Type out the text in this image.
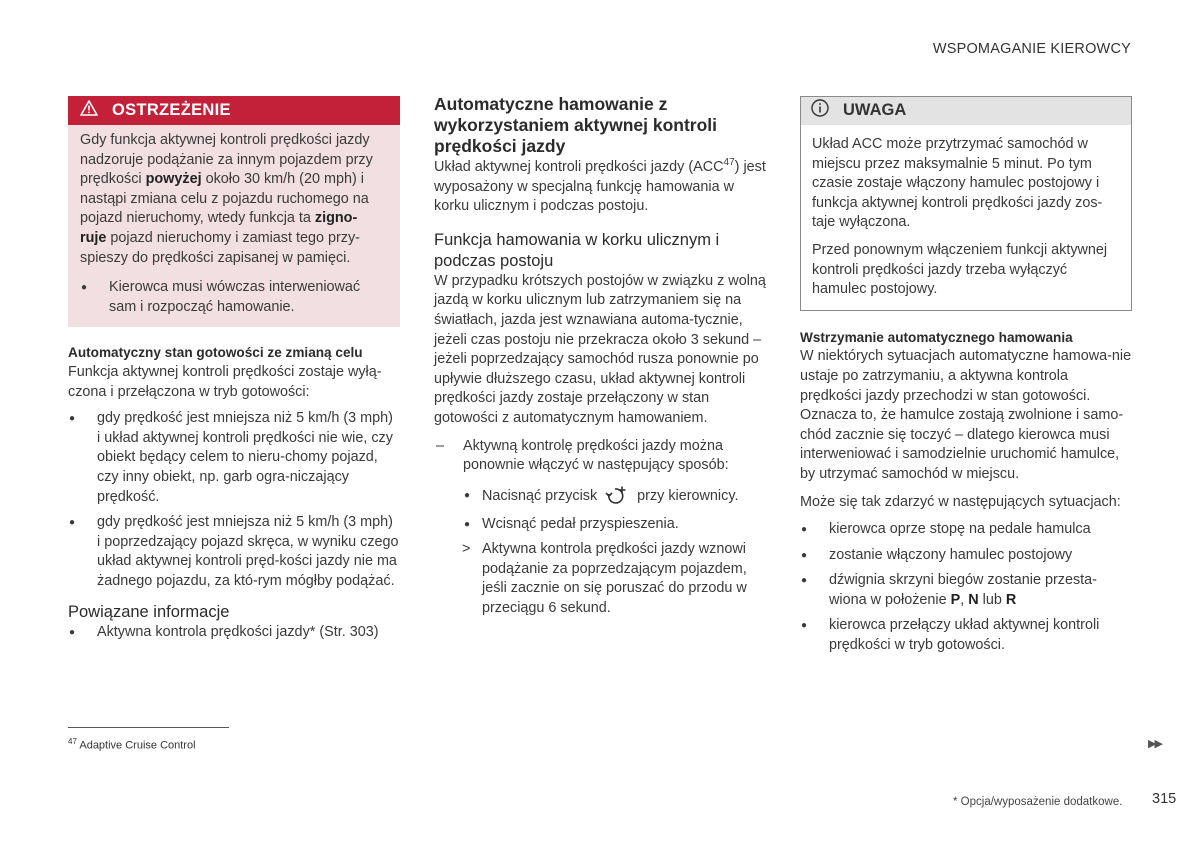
WSPOMAGANIE KIEROWCY
OSTRZEŻENIE

Gdy funkcja aktywnej kontroli prędkości jazdy
nadzoruje podążanie za innym pojazdem przy
prędkości powyżej około 30 km/h (20 mph) i
nastąpi zmiana celu z pojazdu ruchomego na
pojazd nieruchomy, wtedy funkcja ta zigno-
ruje pojazd nieruchomy i zamiast tego przy-
spieszy do prędkości zapisanej w pamięci.

● Kierowca musi wówczas interweniować sam i rozpocząć hamowanie.

Automatyczny stan gotowości ze zmianą celu

Funkcja aktywnej kontroli prędkości zostaje wyłą-czona i przełączona w tryb gotowości:

● gdy prędkość jest mniejsza niż 5 km/h (3 mph) i układ aktywnej kontroli prędkości nie wie, czy obiekt będący celem to nieru-chomy pojazd, czy inny obiekt, np. garb ogra-niczający prędkość.

● gdy prędkość jest mniejsza niż 5 km/h (3 mph) i poprzedzający pojazd skręca, w wyniku czego układ aktywnej kontroli pręd-kości jazdy nie ma żadnego pojazdu, za któ-rym mógłby podążać.

Powiązane informacje

● Aktywna kontrola prędkości jazdy* (Str. 303)

Automatyczne hamowanie z wykorzystaniem aktywnej kontroli prędkości jazdy

Układ aktywnej kontroli prędkości jazdy (ACC$^{47}$) jest wyposażony w specjalną funkcję hamowania w korku ulicznym i podczas postoju.

Funkcja hamowania w korku ulicznym i podczas postoju

W przypadku krótszych postojów w związku z wolną jazdą w korku ulicznym lub zatrzymaniem się na światłach, jazda jest wznawiana automa-tycznie, jeżeli czas postoju nie przekracza około 3 sekund – jeżeli poprzedzający samochód rusza ponownie po upływie dłuższego czasu, układ aktywnej kontroli prędkości jazdy zostaje przełączony w stan gotowości z automatycznym hamowaniem.

– Aktywną kontrolę prędkości jazdy można ponownie włączyć w następujący sposób:

● Nacisnąć przycisk	przy kierownicy.

● Wcisnąć pedał przyspieszenia.

> Aktywna kontrola prędkości jazdy wznowi podążanie za poprzedzającym pojazdem, jeśli zacznie on się poruszać do przodu w przeciągu 6 sekund.

UWAGA

Układ ACC może przytrzymać samochód w miejscu przez maksymalnie 5 minut. Po tym czasie zostaje włączony hamulec postojowy i funkcja aktywnej kontroli prędkości jazdy zos-taje wyłączona.

Przed ponownym włączeniem funkcji aktywnej kontroli prędkości jazdy trzeba wyłączyć hamulec postojowy.

Wstrzymanie automatycznego hamowania

W niektórych sytuacjach automatyczne hamowa-nie ustaje po zatrzymaniu, a aktywna kontrola prędkości jazdy przechodzi w stan gotowości. Oznacza to, że hamulce zostają zwolnione i samo-chód zacznie się toczyć – dlatego kierowca musi interweniować i samodzielnie uruchomić hamulce, by utrzymać samochód w miejscu.

Może się tak zdarzyć w następujących sytuacjach:

● kierowca oprze stopę na pedale hamulca

● zostanie włączony hamulec postojowy

● dźwignia skrzyni biegów zostanie przesta-wiona w położenie P, N lub R

● kierowca przełączy układ aktywnej kontroli prędkości w tryb gotowości.

$^{47}$ Adaptive Cruise Control	▶▶
* Opcja/wyposażenie dodatkowe. 315
